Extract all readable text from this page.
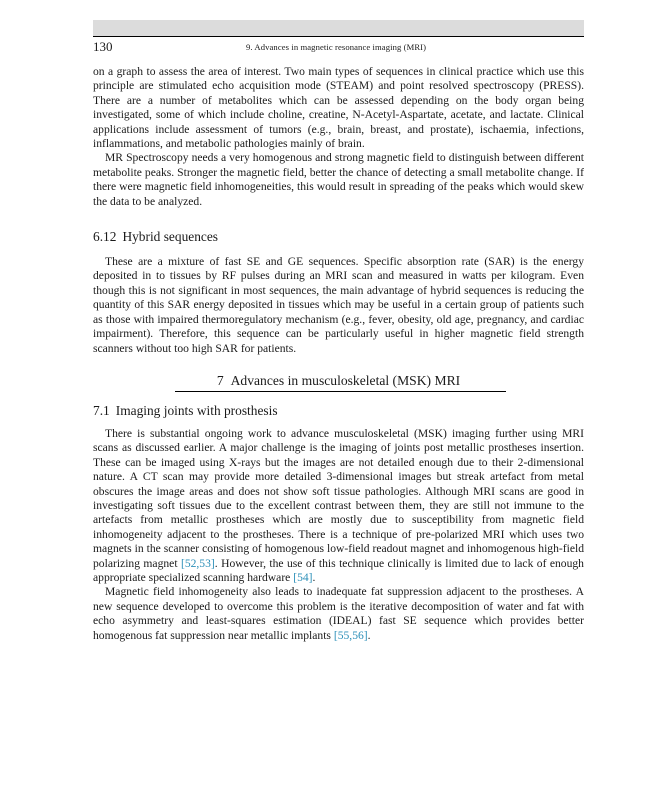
130	9. Advances in magnetic resonance imaging (MRI)

on a graph to assess the area of interest. Two main types of sequences in clinical practice which use this principle are stimulated echo acquisition mode (STEAM) and point resolved spectroscopy (PRESS). There are a number of metabolites which can be assessed depending on the body organ being investigated, some of which include choline, creatine, N-Acetyl-Aspartate, acetate, and lactate. Clinical applications include assessment of tumors (e.g., brain, breast, and prostate), ischaemia, infections, inflammations, and metabolic pathologies mainly of brain.

MR Spectroscopy needs a very homogenous and strong magnetic field to distinguish between different metabolite peaks. Stronger the magnetic field, better the chance of detecting a small metabolite change. If there were magnetic field inhomogeneities, this would result in spreading of the peaks which would skew the data to be analyzed.

6.12 Hybrid sequences

These are a mixture of fast SE and GE sequences. Specific absorption rate (SAR) is the energy deposited in to tissues by RF pulses during an MRI scan and measured in watts per kilogram. Even though this is not significant in most sequences, the main advantage of hybrid sequences is reducing the quantity of this SAR energy deposited in tissues which may be useful in a certain group of patients such as those with impaired thermoregulatory mechanism (e.g., fever, obesity, old age, pregnancy, and cardiac impairment). Therefore, this sequence can be particularly useful in higher magnetic field strength scanners without too high SAR for patients.

7 Advances in musculoskeletal (MSK) MRI
7.1 Imaging joints with prosthesis

There is substantial ongoing work to advance musculoskeletal (MSK) imaging further using MRI scans as discussed earlier. A major challenge is the imaging of joints post metallic prostheses insertion. These can be imaged using X-rays but the images are not detailed enough due to their 2-dimensional nature. A CT scan may provide more detailed 3-dimensional images but streak artefact from metal obscures the image areas and does not show soft tissue pathologies. Although MRI scans are good in investigating soft tissues due to the excellent contrast between them, they are still not immune to the artefacts from metallic prostheses which are mostly due to susceptibility from magnetic field inhomogeneity adjacent to the prostheses. There is a technique of pre-polarized MRI which uses two magnets in the scanner consisting of homogenous low-field readout magnet and inhomogenous high-field polarizing magnet [52,53]. However, the use of this technique clinically is limited due to lack of enough appropriate specialized scanning hardware [54].

Magnetic field inhomogeneity also leads to inadequate fat suppression adjacent to the prostheses. A new sequence developed to overcome this problem is the iterative decomposition of water and fat with echo asymmetry and least-squares estimation (IDEAL) fast SE sequence which provides better homogenous fat suppression near metallic implants [55,56].
